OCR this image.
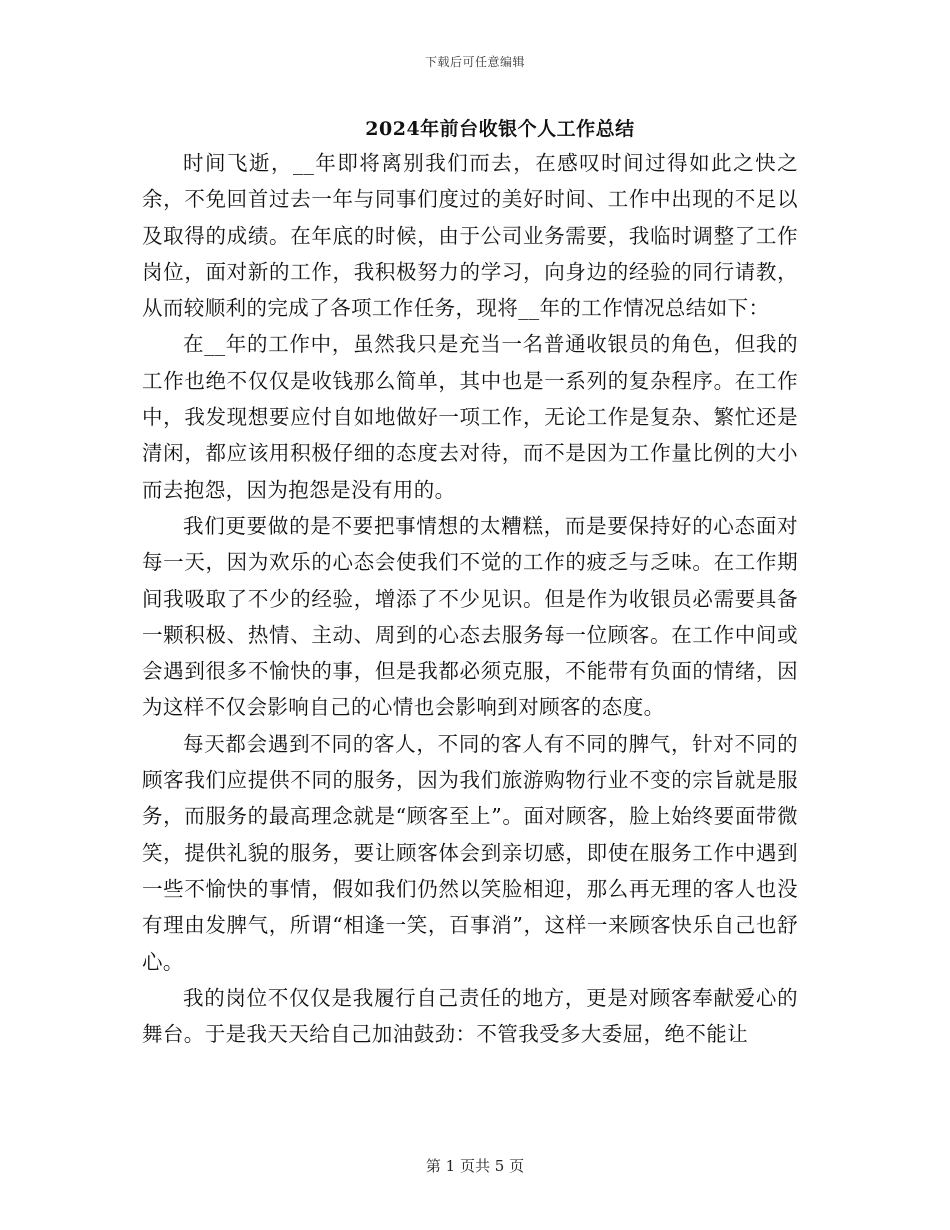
下载后可任意编辑
2024年前台收银个人工作总结

时间飞逝，__年即将离别我们而去，在感叹时间过得如此之快之余，不免回首过去一年与同事们度过的美好时间、工作中出现的不足以及取得的成绩。在年底的时候，由于公司业务需要，我临时调整了工作岗位，面对新的工作，我积极努力的学习，向身边的经验的同行请教，从而较顺利的完成了各项工作任务，现将__年的工作情况总结如下：

在__年的工作中，虽然我只是充当一名普通收银员的角色，但我的工作也绝不仅仅是收钱那么简单，其中也是一系列的复杂程序。在工作中，我发现想要应付自如地做好一项工作，无论工作是复杂、繁忙还是清闲，都应该用积极仔细的态度去对待，而不是因为工作量比例的大小而去抱怨，因为抱怨是没有用的。

我们更要做的是不要把事情想的太糟糕，而是要保持好的心态面对每一天，因为欢乐的心态会使我们不觉的工作的疲乏与乏味。在工作期间我吸取了不少的经验，增添了不少见识。但是作为收银员必需要具备一颗积极、热情、主动、周到的心态去服务每一位顾客。在工作中间或会遇到很多不愉快的事，但是我都必须克服，不能带有负面的情绪，因为这样不仅会影响自己的心情也会影响到对顾客的态度。

每天都会遇到不同的客人，不同的客人有不同的脾气，针对不同的顾客我们应提供不同的服务，因为我们旅游购物行业不变的宗旨就是服务，而服务的最高理念就是“顾客至上”。面对顾客，脸上始终要面带微笑，提供礼貌的服务，要让顾客体会到亲切感，即使在服务工作中遇到一些不愉快的事情，假如我们仍然以笑脸相迎，那么再无理的客人也没有理由发脾气，所谓“相逢一笑，百事消”，这样一来顾客快乐自己也舒心。

我的岗位不仅仅是我履行自己责任的地方，更是对顾客奉献爱心的舞台。于是我天天给自己加油鼓劲：不管我受多大委屈，绝不能让

第 1 页共 5 页
